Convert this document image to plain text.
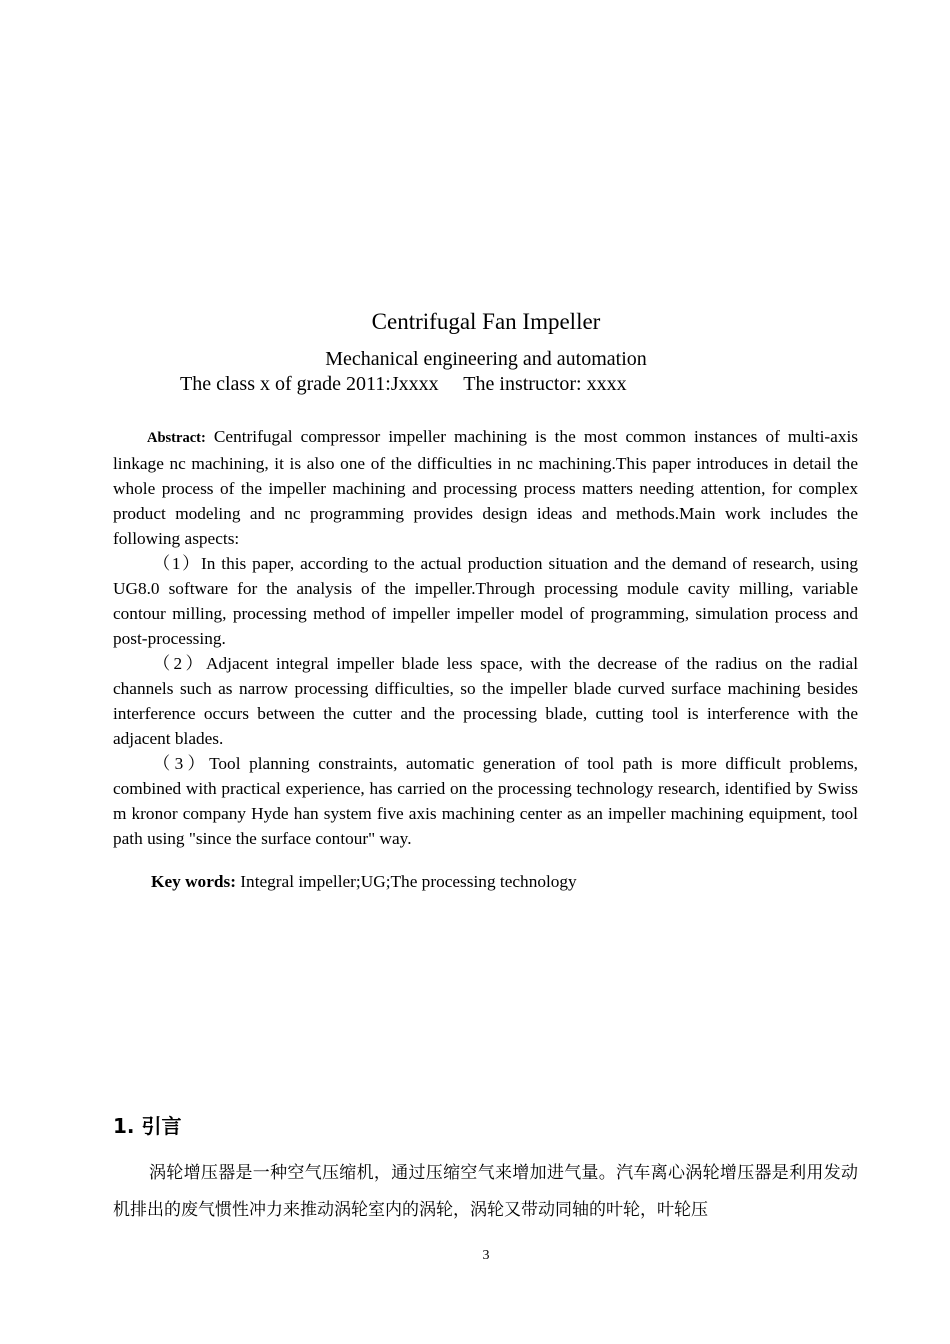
Centrifugal Fan Impeller
Mechanical engineering and automation
The class x of grade 2011:Jxxxx The instructor: xxxx

Abstract: Centrifugal compressor impeller machining is the most common instances of multi-axis linkage nc machining, it is also one of the difficulties in nc machining.This paper introduces in detail the whole process of the impeller machining and processing process matters needing attention, for complex product modeling and nc programming provides design ideas and methods.Main work includes the following aspects:

（1）In this paper, according to the actual production situation and the demand of research, using UG8.0 software for the analysis of the impeller.Through processing module cavity milling, variable contour milling, processing method of impeller impeller model of programming, simulation process and post-processing.

（2）Adjacent integral impeller blade less space, with the decrease of the radius on the radial channels such as narrow processing difficulties, so the impeller blade curved surface machining besides interference occurs between the cutter and the processing blade, cutting tool is interference with the adjacent blades.

（3）Tool planning constraints, automatic generation of tool path is more difficult problems, combined with practical experience, has carried on the processing technology research, identified by Swiss m kronor company Hyde han system five axis machining center as an impeller machining equipment, tool path using "since the surface contour" way.

Key words: Integral impeller;UG;The processing technology
1. 引言
涡轮增压器是一种空气压缩机，通过压缩空气来增加进气量。汽车离心涡轮增压器是利用发动机排出的废气惯性冲力来推动涡轮室内的涡轮，涡轮又带动同轴的叶轮，叶轮压
3
